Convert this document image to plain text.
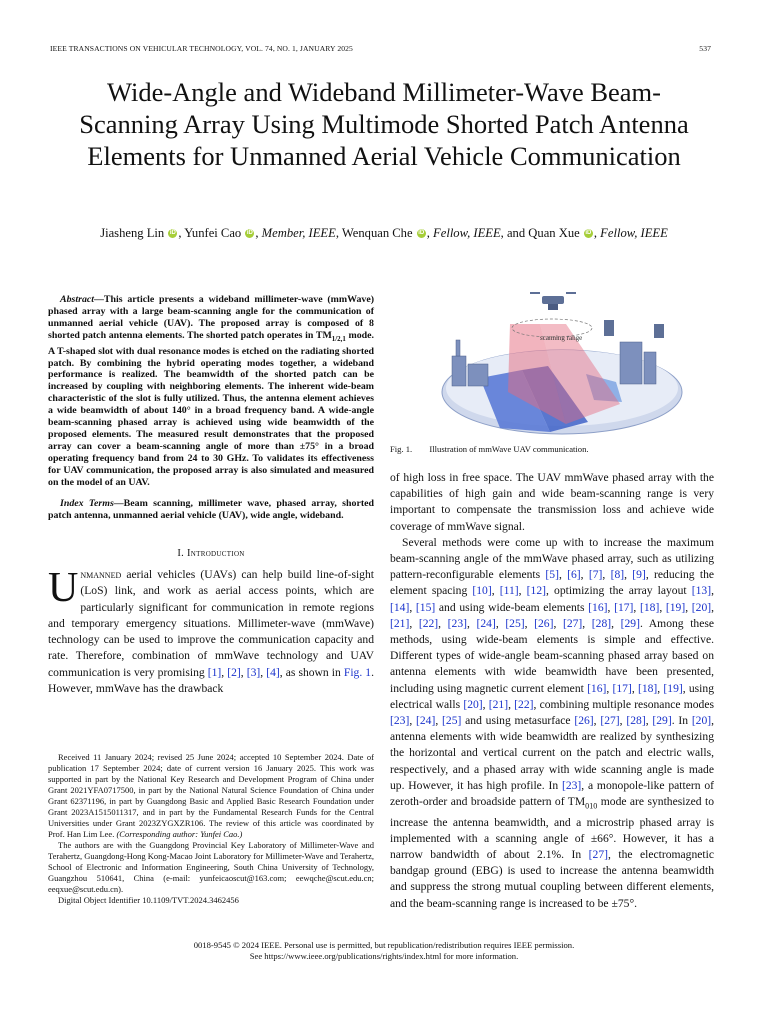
IEEE TRANSACTIONS ON VEHICULAR TECHNOLOGY, VOL. 74, NO. 1, JANUARY 2025	537
Wide-Angle and Wideband Millimeter-Wave Beam-Scanning Array Using Multimode Shorted Patch Antenna Elements for Unmanned Aerial Vehicle Communication
Jiasheng Lin iD , Yunfei Cao iD , Member, IEEE, Wenquan Che iD , Fellow, IEEE, and Quan Xue iD , Fellow, IEEE

Abstract—This article presents a wideband millimeter-wave (mmWave) phased array with a large beam-scanning angle for the communication of unmanned aerial vehicle (UAV). The proposed array is composed of 8 shorted patch antenna elements. The shorted patch operates in $TM_{1/2,1}$ mode. A T-shaped slot with dual resonance modes is etched on the radiating shorted patch. By combining the hybrid operating modes together, a wideband performance is realized. The beamwidth of the shorted patch can be increased by coupling with neighboring elements. The inherent wide-beam characteristic of the slot is fully utilized. Thus, the antenna element achieves a wide beamwidth of about 140° in a broad frequency band. A wide-angle beam-scanning phased array is achieved using wide beamwidth of the proposed elements. The measured result demonstrates that the proposed array can cover a beam-scanning angle of more than ±75° in a broad operating frequency band from 24 to 30 GHz. To validates its effectiveness for UAV communication, the proposed array is also simulated and measured on the model of an UAV.

Index Terms—Beam scanning, millimeter wave, phased array, shorted patch antenna, unmanned aerial vehicle (UAV), wide angle, wideband.

I. Introduction

Unmanned aerial vehicles (UAVs) can help build line-of-sight (LoS) link, and work as aerial access points, which are particularly significant for communication in remote regions and temporary emergency situations. Millimeter-wave (mmWave) technology can be used to improve the communication capacity and rate. Therefore, combination of mmWave technology and UAV communication is very promising [1], [2], [3], [4], as shown in Fig. 1. However, mmWave has the drawback

Received 11 January 2024; revised 25 June 2024; accepted 10 September 2024. Date of publication 17 September 2024; date of current version 16 January 2025. This work was supported in part by the National Key Research and Development Program of China under Grant 2021YFA0717500, in part by the National Natural Science Foundation of China under Grant 62371196, in part by Guangdong Basic and Applied Basic Research Foundation under Grant 2023A1515011317, and in part by the Fundamental Research Funds for the Central Universities under Grant 2023ZYGXZR106. The review of this article was coordinated by Prof. Han Lim Lee. (Corresponding author: Yunfei Cao.)

The authors are with the Guangdong Provincial Key Laboratory of Millimeter-Wave and Terahertz, Guangdong-Hong Kong-Macao Joint Laboratory for Millimeter-Wave and Terahertz, School of Electronic and Information Engineering, South China University of Technology, Guangzhou 510641, China (e-mail: yunfeicaoscut@163.com; eewqche@scut.edu.cn; eeqxue@scut.edu.cn).

Digital Object Identifier 10.1109/TVT.2024.3462456

scanning range
Fig. 1.  Illustration of mmWave UAV communication.

of high loss in free space. The UAV mmWave phased array with the capabilities of high gain and wide beam-scanning range is very important to compensate the transmission loss and achieve wide coverage of mmWave signal.

Several methods were come up with to increase the maximum beam-scanning angle of the mmWave phased array, such as utilizing pattern-reconfigurable elements [5], [6], [7], [8], [9], reducing the element spacing [10], [11], [12], optimizing the array layout [13], [14], [15] and using wide-beam elements [16], [17], [18], [19], [20], [21], [22], [23], [24], [25], [26], [27], [28], [29]. Among these methods, using wide-beam elements is simple and effective. Different types of wide-angle beam-scanning phased array based on antenna elements with wide beamwidth have been presented, including using magnetic current element [16], [17], [18], [19], using electrical walls [20], [21], [22], combining multiple resonance modes [23], [24], [25] and using metasurface [26], [27], [28], [29]. In [20], antenna elements with wide beamwidth are realized by synthesizing the horizontal and vertical current on the patch and electric walls, respectively, and a phased array with wide scanning angle is made up. However, it has high profile. In [23], a monopole-like pattern of zeroth-order and broadside pattern of $TM_{010}$ mode are synthesized to increase the antenna beamwidth, and a microstrip phased array is implemented with a scanning angle of ±66°. However, it has a narrow bandwidth of about 2.1%. In [27], the electromagnetic bandgap ground (EBG) is used to increase the antenna beamwidth and suppress the strong mutual coupling between different elements, and the beam-scanning range is increased to be ±75°.

0018-9545 © 2024 IEEE. Personal use is permitted, but republication/redistribution requires IEEE permission.
See https://www.ieee.org/publications/rights/index.html for more information.
